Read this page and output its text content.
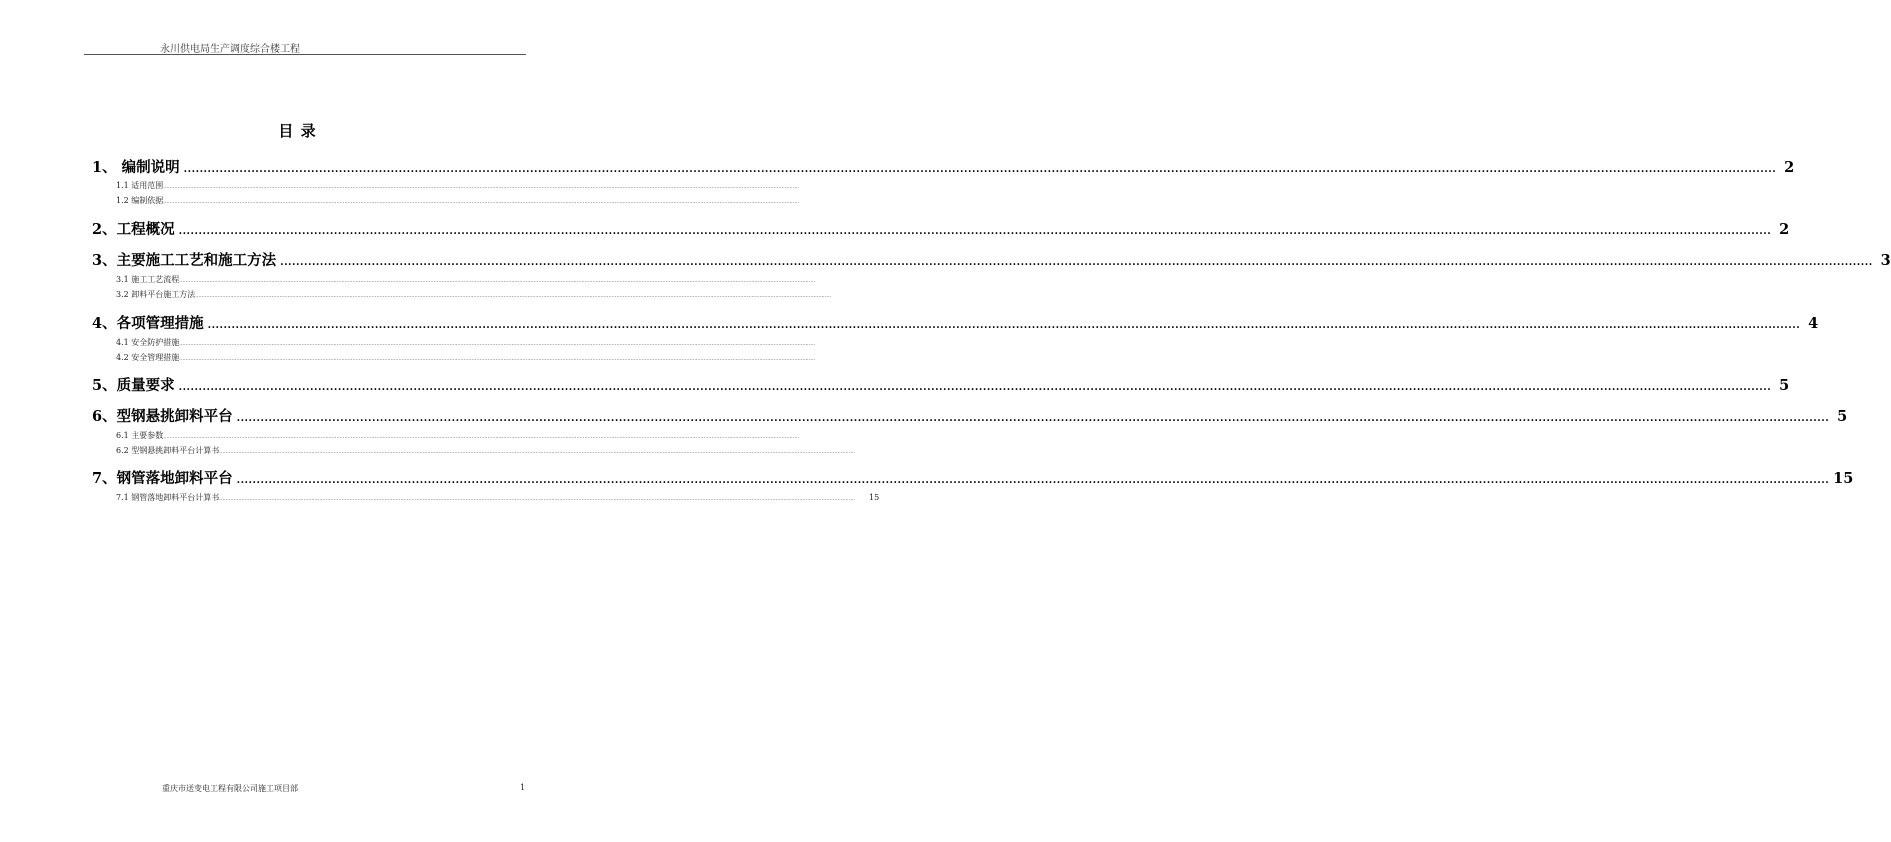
永川供电局生产调度综合楼工程
目 录
1、 编制说明 ................................................................................................................................................................................................................................................................................................................................................................................................................ 2
1.1 适用范围 ................................................................................................................................................................................................................................................................................................................................................................................................................
1.2 编制依据 ................................................................................................................................................................................................................................................................................................................................................................................................................
2、工程概况 ................................................................................................................................................................................................................................................................................................................................................................................................................ 2
3、主要施工工艺和施工方法 ................................................................................................................................................................................................................................................................................................................................................................................................................ 3
3.1 施工工艺流程 ................................................................................................................................................................................................................................................................................................................................................................................................................
3.2 卸料平台施工方法 ................................................................................................................................................................................................................................................................................................................................................................................................................
4、各项管理措施 ................................................................................................................................................................................................................................................................................................................................................................................................................ 4
4.1 安全防护措施 ................................................................................................................................................................................................................................................................................................................................................................................................................
4.2 安全管理措施 ................................................................................................................................................................................................................................................................................................................................................................................................................
5、质量要求 ................................................................................................................................................................................................................................................................................................................................................................................................................ 5
6、型钢悬挑卸料平台 ................................................................................................................................................................................................................................................................................................................................................................................................................ 5
6.1 主要参数 ................................................................................................................................................................................................................................................................................................................................................................................................................
6.2 型钢悬挑卸料平台计算书 ................................................................................................................................................................................................................................................................................................................................................................................................................
7、钢管落地卸料平台 ................................................................................................................................................................................................................................................................................................................................................................................................................ 15
7.1 钢管落地卸料平台计算书 ................................................................................................................................................................................................................................................................................................................................................................................................................ 15
重庆市送变电工程有限公司施工项目部	1
